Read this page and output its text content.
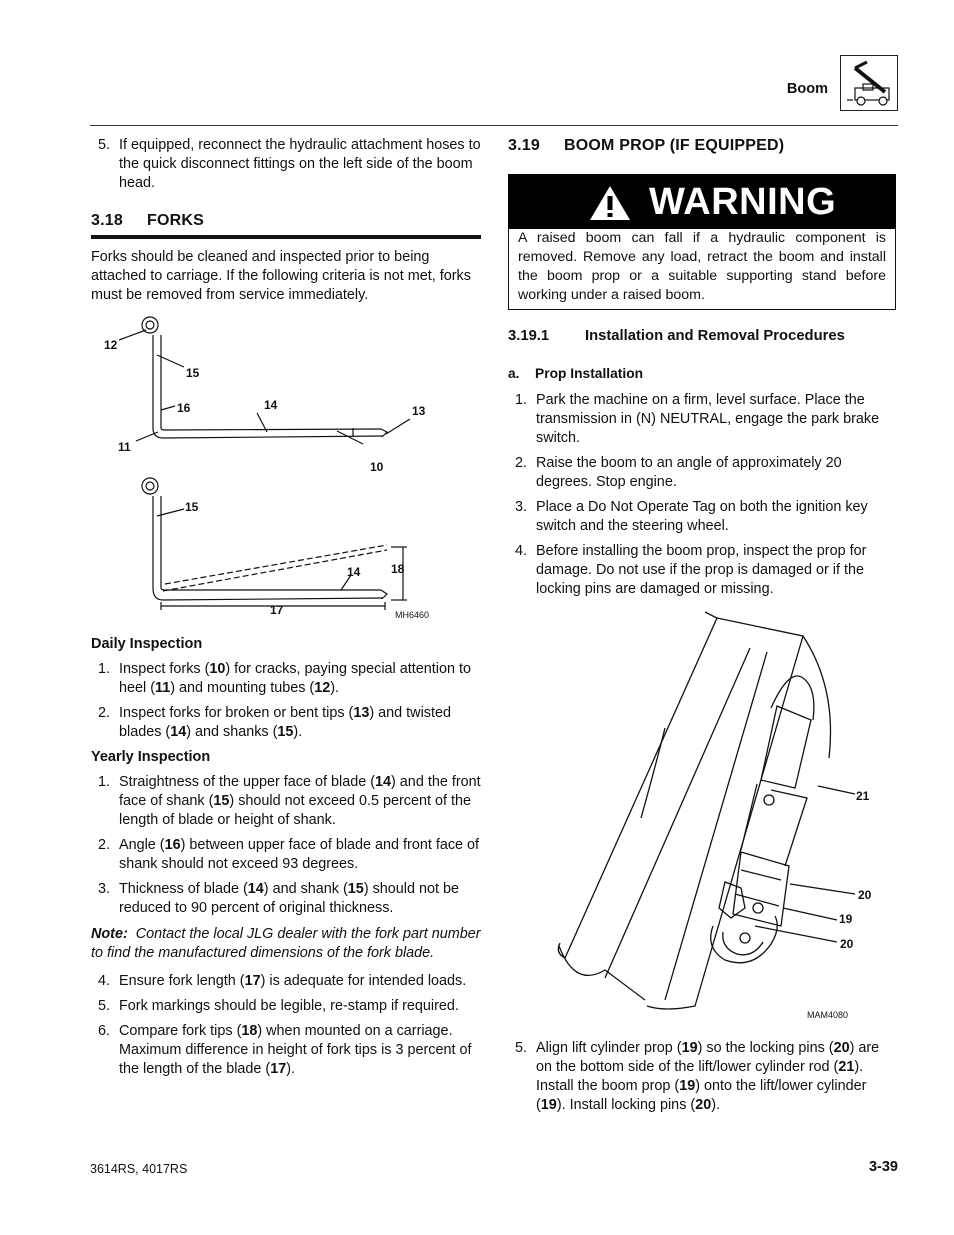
Boom
5. If equipped, reconnect the hydraulic attachment hoses to the quick disconnect fittings on the left side of the boom head.
3.18 FORKS
Forks should be cleaned and inspected prior to being attached to carriage. If the following criteria is not met, forks must be removed from service immediately.
12
15
16	14	13
11
10
15
14	18
17	MH6460
Daily Inspection
1. Inspect forks (10) for cracks, paying special attention to heel (11) and mounting tubes (12).
2. Inspect forks for broken or bent tips (13) and twisted blades (14) and shanks (15).
Yearly Inspection
1. Straightness of the upper face of blade (14) and the front face of shank (15) should not exceed 0.5 percent of the length of blade or height of shank.
2. Angle (16) between upper face of blade and front face of shank should not exceed 93 degrees.
3. Thickness of blade (14) and shank (15) should not be reduced to 90 percent of original thickness.
Note: Contact the local JLG dealer with the fork part number to find the manufactured dimensions of the fork blade.
4. Ensure fork length (17) is adequate for intended loads.
5. Fork markings should be legible, re-stamp if required.
6. Compare fork tips (18) when mounted on a carriage. Maximum difference in height of fork tips is 3 percent of the length of the blade (17).
3.19 BOOM PROP (IF EQUIPPED)
WARNING
A raised boom can fall if a hydraulic component is removed. Remove any load, retract the boom and install the boom prop or a suitable supporting stand before working under a raised boom.
3.19.1 Installation and Removal Procedures
a. Prop Installation
1. Park the machine on a firm, level surface. Place the transmission in (N) NEUTRAL, engage the park brake switch.
2. Raise the boom to an angle of approximately 20 degrees. Stop engine.
3. Place a Do Not Operate Tag on both the ignition key switch and the steering wheel.
4. Before installing the boom prop, inspect the prop for damage. Do not use if the prop is damaged or if the locking pins are damaged or missing.
21
20
19
20
MAM4080
5. Align lift cylinder prop (19) so the locking pins (20) are on the bottom side of the lift/lower cylinder rod (21). Install the boom prop (19) onto the lift/lower cylinder (19). Install locking pins (20).
3614RS, 4017RS	3-39
